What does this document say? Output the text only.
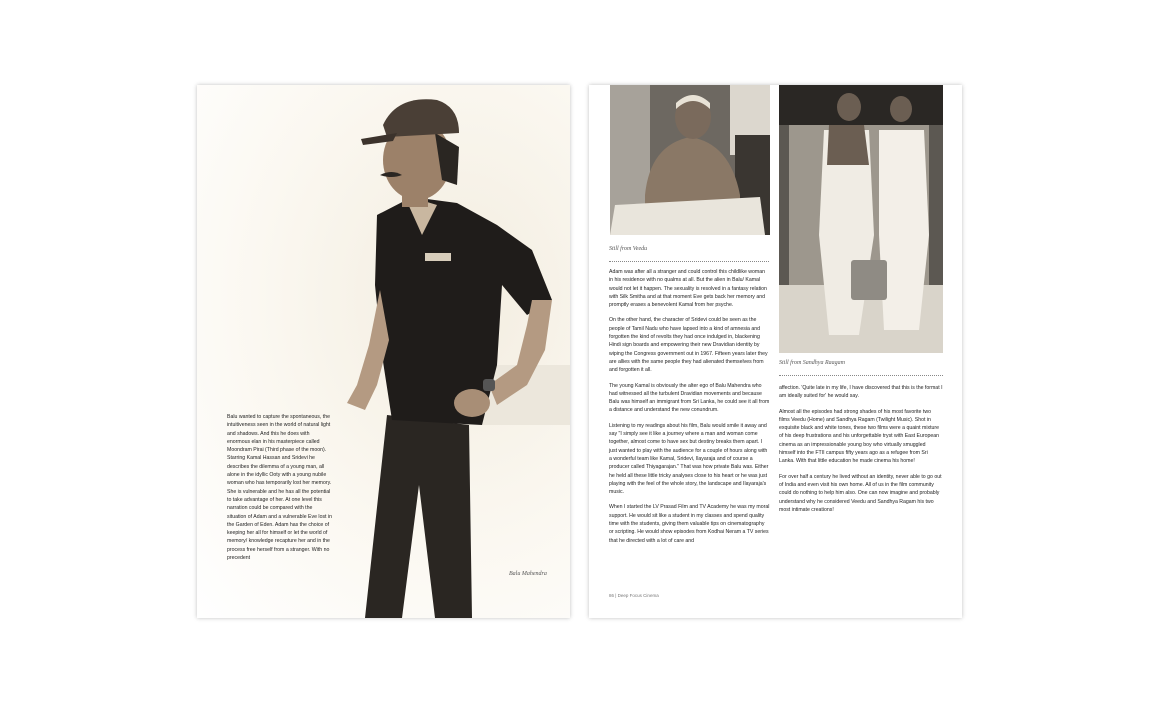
Balu Mahendra

Balu wanted to capture the spontaneous, the intuitiveness seen in the world of natural light and shadows. And this he does with enormous elan in his masterpiece called Moondram Pirai (Third phase of the moon). Starring Kamal Hassan and Sridevi he describes the dilemma of a young man, all alone in the idyllic Ooty with a young nubile woman who has temporarily lost her memory. She is vulnerable and he has all the potential to take advantage of her. At one level this narration could be compared with the situation of Adam and a vulnerable Eve lost in the Garden of Eden. Adam has the choice of keeping her all for himself or let the world of memory/ knowledge recapture her and in the process free herself from a stranger. With no precedent

Still from Veedu
Still from Sandhya Raagam

Adam was after all a stranger and could control this childlike woman in his residence with no qualms at all. But the alien in Balu/ Kamal would not let it happen. The sexuality is resolved in a fantasy relation with Silk Smitha and at that moment Eve gets back her memory and promptly erases a benevolent Kamal from her psyche.

On the other hand, the character of Sridevi could be seen as the people of Tamil Nadu who have lapsed into a kind of amnesia and forgotten the kind of revolts they had once indulged in, blackening Hindi sign boards and empowering their new Dravidian identity by wiping the Congress government out in 1967. Fifteen years later they are allies with the same people they had alienated themselves from and forgotten it all.

The young Kamal is obviously the alter ego of Balu Mahendra who had witnessed all the turbulent Dravidian movements and because Balu was himself an immigrant from Sri Lanka, he could see it all from a distance and understand the new conundrum.

Listening to my readings about his film, Balu would smile it away and say "I simply see it like a journey where a man and woman come together, almost come to have sex but destiny breaks them apart. I just wanted to play with the audience for a couple of hours along with a wonderful team like Kamal, Sridevi, Ilayaraja and of course a producer called Thiyagarajan." That was how private Balu was. Either he held all these little tricky analyses close to his heart or he was just playing with the feel of the whole story, the landscape and Ilayaraja's music.

When I started the LV Prasad Film and TV Academy he was my moral support. He would sit like a student in my classes and spend quality time with the students, giving them valuable tips on cinematography or scripting. He would show episodes from Kodhai Neram a TV series that he directed with a lot of care and

affection. 'Quite late in my life, I have discovered that this is the format I am ideally suited for' he would say.

Almost all the episodes had strong shades of his most favorite two films Veedu (Home) and Sandhya Ragam (Twilight Music). Shot in exquisite black and white tones, these two films were a quaint mixture of his deep frustrations and his unforgettable tryst with East European cinema as an impressionable young boy who virtually smuggled himself into the FTII campus fifty years ago as a refugee from Sri Lanka. With that little education he made cinema his home!

For over half a century he lived without an identity, never able to go out of India and even visit his own home. All of us in the film community could do nothing to help him also. One can now imagine and probably understand why he considered Veedu and Sandhya Ragam his two most intimate creations!

86 | Deep Focus Cinema
